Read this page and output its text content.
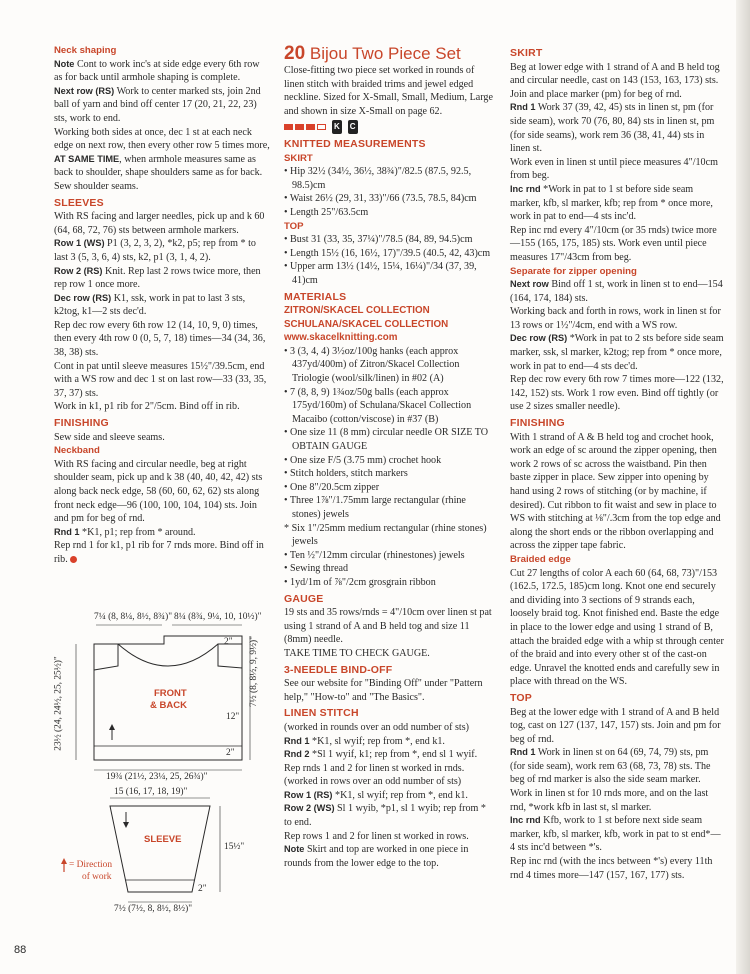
Neck shaping

Note Cont to work inc's at side edge every 6th row as for back until armhole shaping is complete.

Next row (RS) Work to center marked sts, join 2nd ball of yarn and bind off center 17 (20, 21, 22, 23) sts, work to end.

Working both sides at once, dec 1 st at each neck edge on next row, then every other row 5 times more, AT SAME TIME, when armhole measures same as back to shoulder, shape shoulders same as for back.

Sew shoulder seams.

SLEEVES

With RS facing and larger needles, pick up and k 60 (64, 68, 72, 76) sts between armhole markers.

Row 1 (WS) P1 (3, 2, 3, 2), *k2, p5; rep from * to last 3 (5, 3, 6, 4) sts, k2, p1 (3, 1, 4, 2).

Row 2 (RS) Knit. Rep last 2 rows twice more, then rep row 1 once more.

Dec row (RS) K1, ssk, work in pat to last 3 sts, k2tog, k1—2 sts dec'd.

Rep dec row every 6th row 12 (14, 10, 9, 0) times, then every 4th row 0 (0, 5, 7, 18) times—34 (34, 36, 38, 38) sts.

Cont in pat until sleeve measures 15½"/39.5cm, end with a WS row and dec 1 st on last row—33 (33, 35, 37, 37) sts.

Work in k1, p1 rib for 2"/5cm. Bind off in rib.

FINISHING

Sew side and sleeve seams.

Neckband

With RS facing and circular needle, beg at right shoulder seam, pick up and k 38 (40, 40, 42, 42) sts along back neck edge, 58 (60, 60, 62, 62) sts along front neck edge—96 (100, 100, 104, 104) sts. Join and pm for beg of rnd.

Rnd 1 *K1, p1; rep from * around.

Rep rnd 1 for k1, p1 rib for 7 rnds more. Bind off in rib.

7¼ (8, 8¼, 8½, 8¾)" 8¼ (8¾, 9¼, 10, 10½)"
23½ (24, 24½, 25, 25½)"
2" 7½ (8, 8½, 9, 9½)"
12"
2"
FRONT
& BACK
19¾ (21½, 23¼, 25, 26¾)"
15 (16, 17, 18, 19)"
SLEEVE
15½"
2"
7½ (7½, 8, 8½, 8½)"
= Direction
of work
20 Bijou Two Piece Set

Close-fitting two piece set worked in rounds of linen stitch with braided trims and jewel edged neckline. Sized for X-Small, Small, Medium, Large and shown in size X-Small on page 62.

K C
KNITTED MEASUREMENTS
SKIRT

• Hip 32½ (34½, 36½, 38¾)"/82.5 (87.5, 92.5, 98.5)cm

• Waist 26½ (29, 31, 33)"/66 (73.5, 78.5, 84)cm

• Length 25"/63.5cm

TOP

• Bust 31 (33, 35, 37¼)"/78.5 (84, 89, 94.5)cm

• Length 15½ (16, 16½, 17)"/39.5 (40.5, 42, 43)cm

• Upper arm 13½ (14½, 15¼, 16¼)"/34 (37, 39, 41)cm

MATERIALS
ZITRON/SKACEL COLLECTION
SCHULANA/SKACEL COLLECTION
www.skacelknitting.com

• 3 (3, 4, 4) 3½oz/100g hanks (each approx 437yd/400m) of Zitron/Skacel Collection Triologie (wool/silk/linen) in #02 (A)

• 7 (8, 8, 9) 1¾oz/50g balls (each approx 175yd/160m) of Schulana/Skacel Collection Macaibo (cotton/viscose) in #37 (B)

• One size 11 (8 mm) circular needle OR SIZE TO OBTAIN GAUGE

• One size F/5 (3.75 mm) crochet hook

• Stitch holders, stitch markers

• One 8"/20.5cm zipper

• Three 1⅞"/1.75mm large rectangular (rhine stones) jewels

* Six 1"/25mm medium rectangular (rhine stones) jewels

• Ten ½"/12mm circular (rhinestones) jewels

• Sewing thread

• 1yd/1m of ⅞"/2cm grosgrain ribbon

GAUGE

19 sts and 35 rows/rnds = 4"/10cm over linen st pat using 1 strand of A and B held tog and size 11 (8mm) needle.

TAKE TIME TO CHECK GAUGE.

3-NEEDLE BIND-OFF

See our website for "Binding Off" under "Pattern help," "How-to" and "The Basics".

LINEN STITCH

(worked in rounds over an odd number of sts)

Rnd 1 *K1, sl wyif; rep from *, end k1.

Rnd 2 *Sl 1 wyif, k1; rep from *, end sl 1 wyif.

Rep rnds 1 and 2 for linen st worked in rnds.

(worked in rows over an odd number of sts)

Row 1 (RS) *K1, sl wyif; rep from *, end k1.

Row 2 (WS) Sl 1 wyib, *p1, sl 1 wyib; rep from * to end.

Rep rows 1 and 2 for linen st worked in rows.

Note Skirt and top are worked in one piece in rounds from the lower edge to the top.

SKIRT

Beg at lower edge with 1 strand of A and B held tog and circular needle, cast on 143 (153, 163, 173) sts. Join and place marker (pm) for beg of rnd.

Rnd 1 Work 37 (39, 42, 45) sts in linen st, pm (for side seam), work 70 (76, 80, 84) sts in linen st, pm (for side seams), work rem 36 (38, 41, 44) sts in linen st.

Work even in linen st until piece measures 4"/10cm from beg.

Inc rnd *Work in pat to 1 st before side seam marker, kfb, sl marker, kfb; rep from * once more, work in pat to end—4 sts inc'd.

Rep inc rnd every 4"/10cm (or 35 rnds) twice more—155 (165, 175, 185) sts. Work even until piece measures 17"/43cm from beg.

Separate for zipper opening

Next row Bind off 1 st, work in linen st to end—154 (164, 174, 184) sts.

Working back and forth in rows, work in linen st for 13 rows or 1½"/4cm, end with a WS row.

Dec row (RS) *Work in pat to 2 sts before side seam marker, ssk, sl marker, k2tog; rep from * once more, work in pat to end—4 sts dec'd.

Rep dec row every 6th row 7 times more—122 (132, 142, 152) sts. Work 1 row even. Bind off tightly (or use 2 sizes smaller needle).

FINISHING

With 1 strand of A & B held tog and crochet hook, work an edge of sc around the zipper opening, then work 2 rows of sc across the waistband. Pin then baste zipper in place. Sew zipper into opening by hand using 2 rows of stitching (or by machine, if desired). Cut ribbon to fit waist and sew in place to WS with stitching at ⅛"/.3cm from the top edge and along the short ends or the ribbon overlapping and across the zipper tape fabric.

Braided edge

Cut 27 lengths of color A each 60 (64, 68, 73)"/153 (162.5, 172.5, 185)cm long. Knot one end securely and dividing into 3 sections of 9 strands each, loosely braid tog. Knot finished end. Baste the edge in place to the lower edge and using 1 strand of B, attach the braided edge with a whip st through center of the braid and into every other st of the cast-on edge. Unravel the knotted ends and carefully sew in place with thread on the WS.

TOP

Beg at the lower edge with 1 strand of A and B held tog, cast on 127 (137, 147, 157) sts. Join and pm for beg of rnd.

Rnd 1 Work in linen st on 64 (69, 74, 79) sts, pm (for side seam), work rem 63 (68, 73, 78) sts. The beg of rnd marker is also the side seam marker.

Work in linen st for 10 rnds more, and on the last rnd, *work kfb in last st, sl marker.

Inc rnd Kfb, work to 1 st before next side seam marker, kfb, sl marker, kfb, work in pat to st end*—4 sts inc'd between *'s.

Rep inc rnd (with the incs between *'s) every 11th rnd 4 times more—147 (157, 167, 177) sts.

88
